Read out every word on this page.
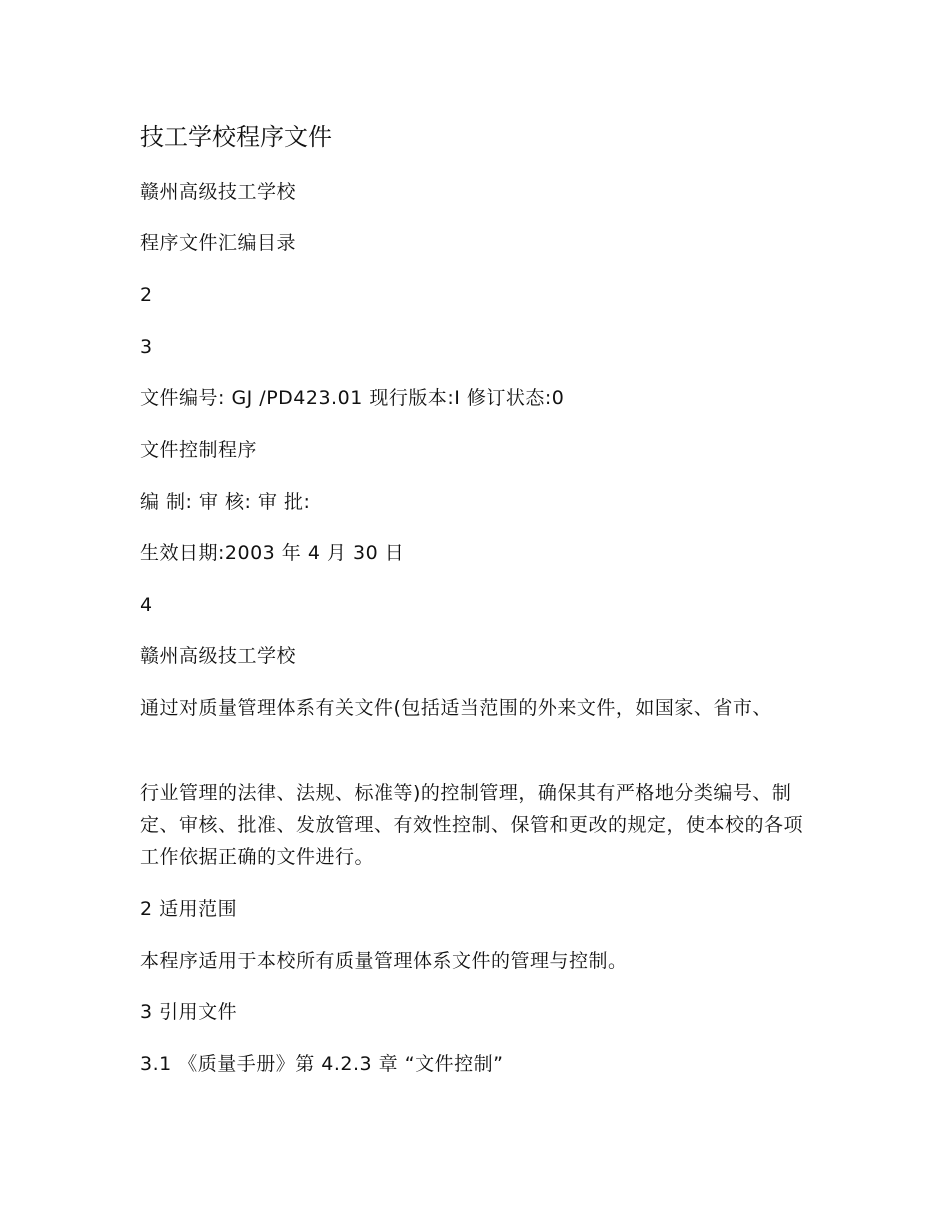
技工学校程序文件
赣州高级技工学校
程序文件汇编目录
2
3
文件编号: GJ /PD423.01 现行版本:I 修订状态:0
文件控制程序
编 制: 审 核: 审 批:
生效日期:2003 年 4 月 30 日
4
赣州高级技工学校
通过对质量管理体系有关文件(包括适当范围的外来文件，如国家、省市、
行业管理的法律、法规、标准等)的控制管理，确保其有严格地分类编号、制定、审核、批准、发放管理、有效性控制、保管和更改的规定，使本校的各项工作依据正确的文件进行。
2 适用范围
本程序适用于本校所有质量管理体系文件的管理与控制。
3 引用文件
3.1 《质量手册》第 4.2.3 章 “文件控制”
